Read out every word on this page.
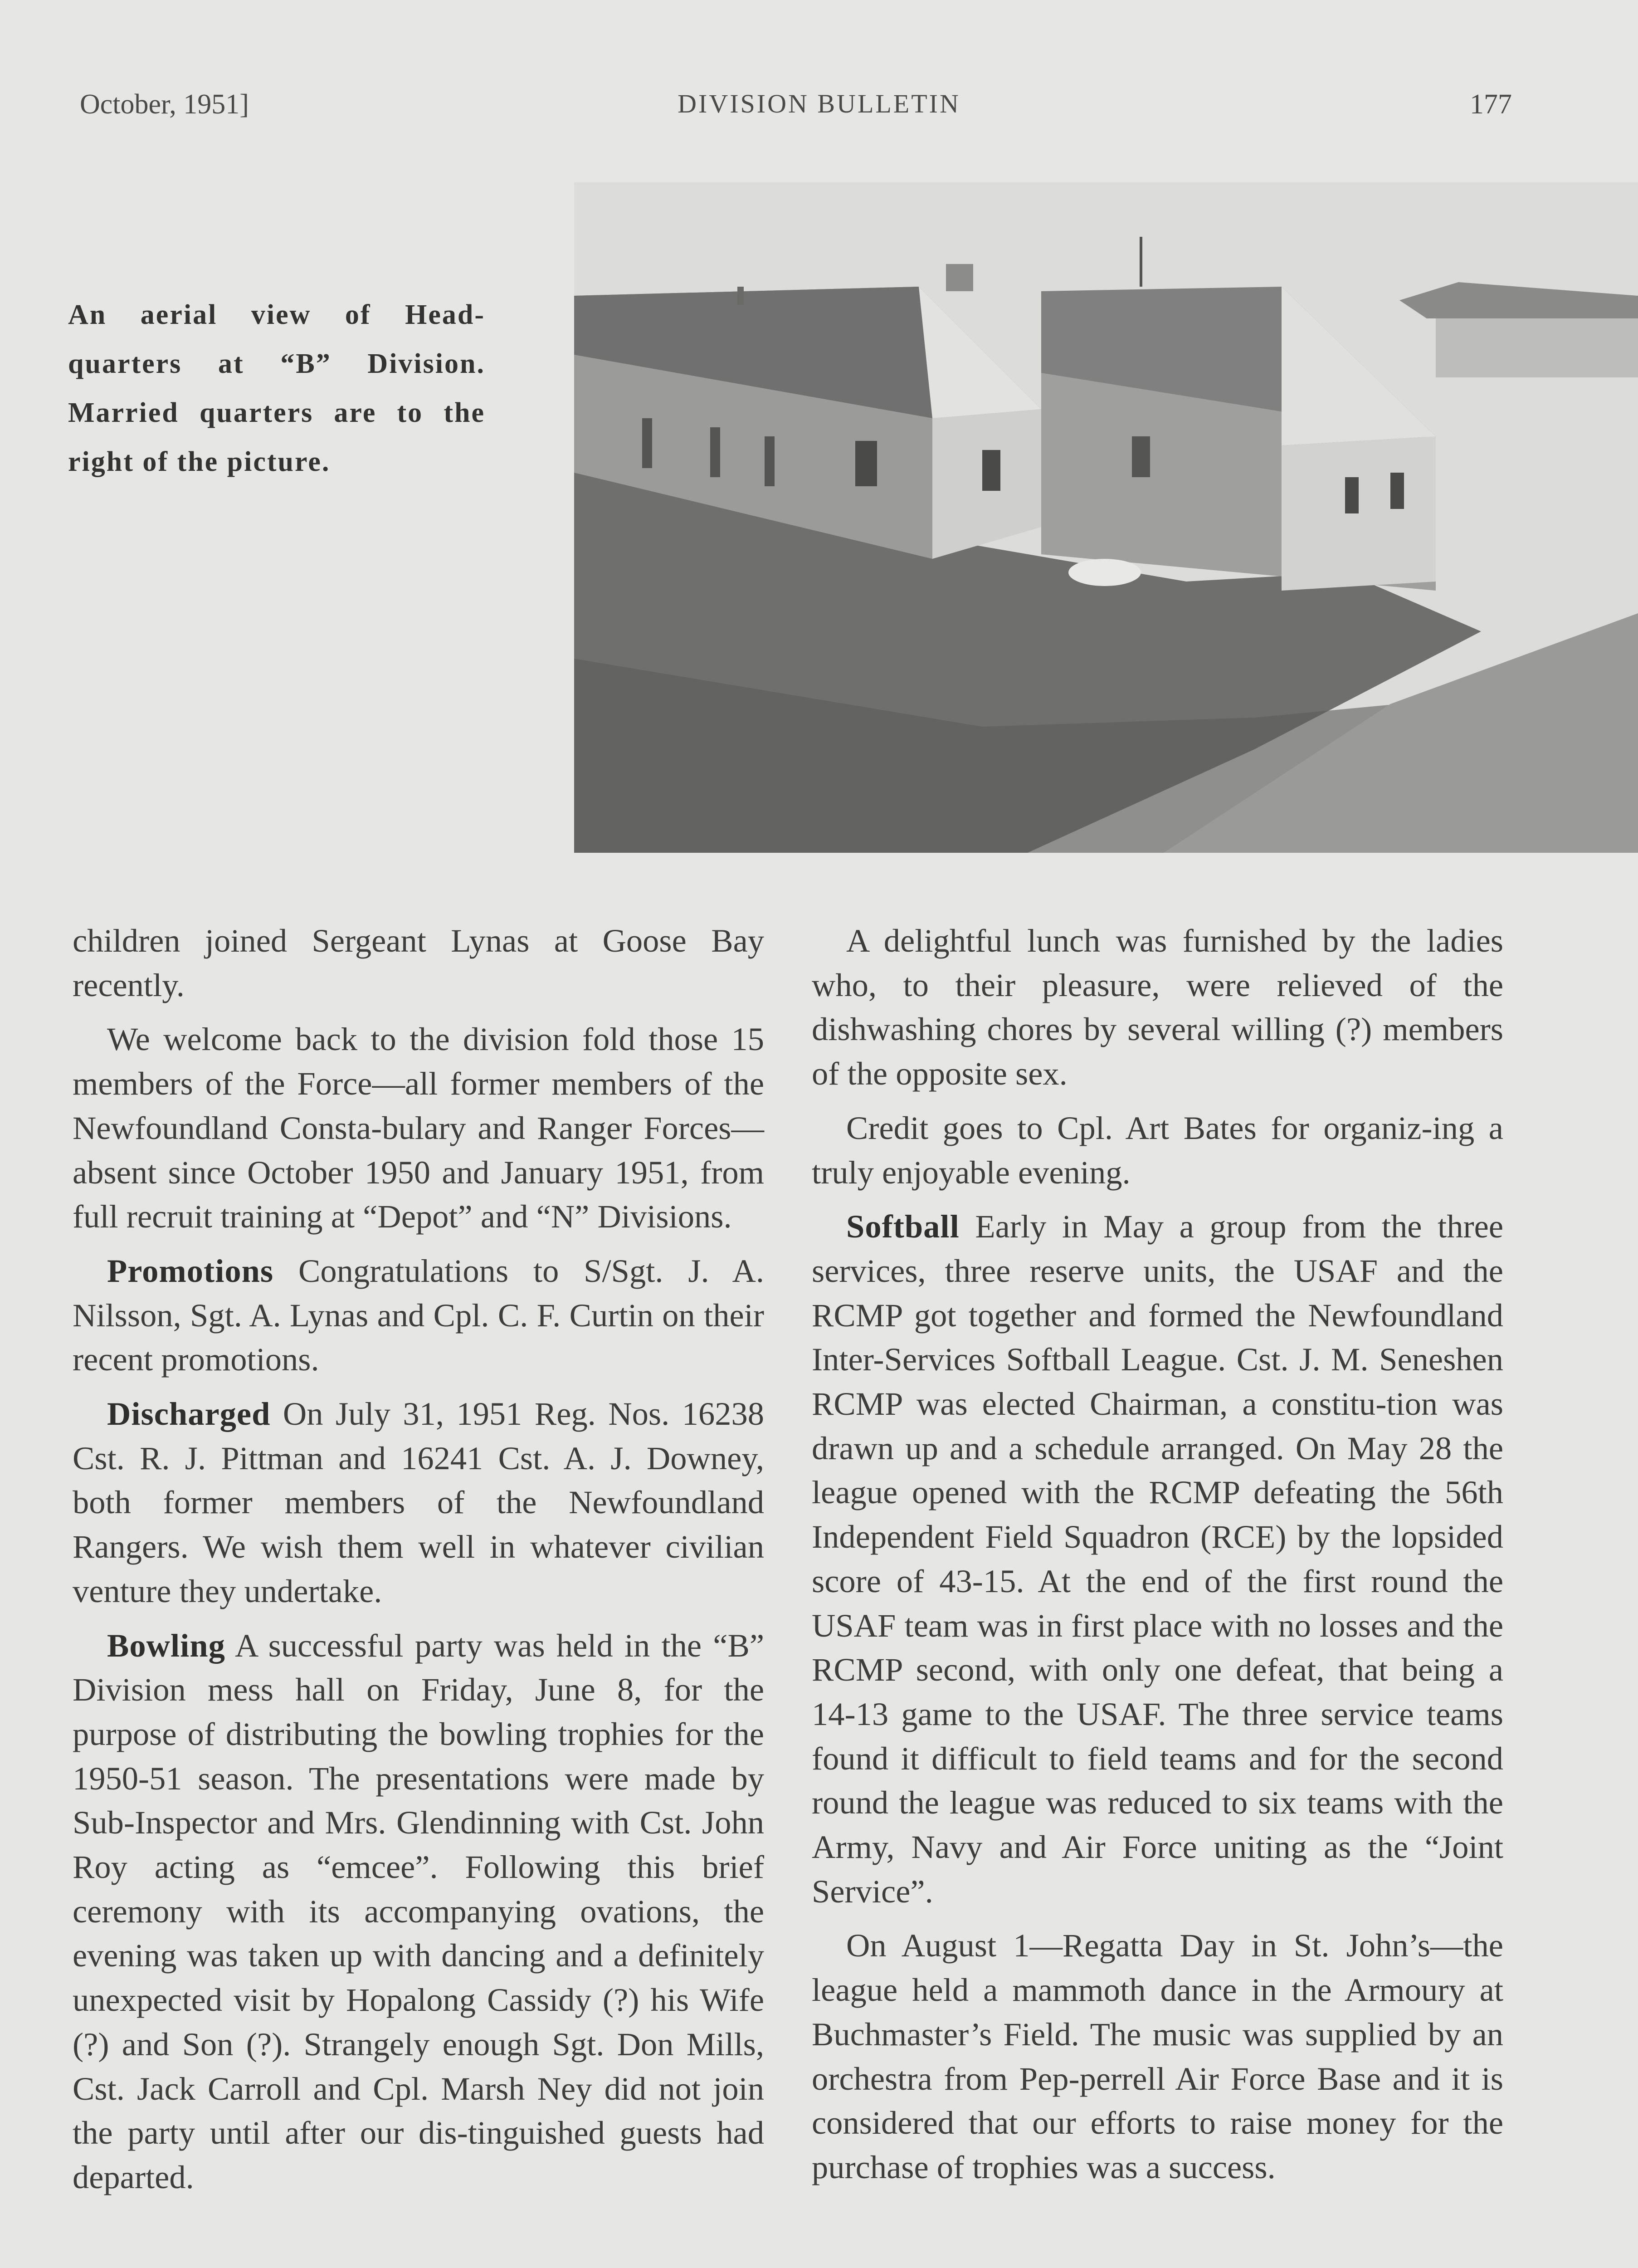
October, 1951]	DIVISION BULLETIN	177
An aerial view of Head-quarters at “B” Division. Married quarters are to the right of the picture.

children joined Sergeant Lynas at Goose Bay recently.

We welcome back to the division fold those 15 members of the Force—all former members of the Newfoundland Consta-bulary and Ranger Forces—absent since October 1950 and January 1951, from full recruit training at “Depot” and “N” Divisions.

Promotions Congratulations to S/Sgt. J. A. Nilsson, Sgt. A. Lynas and Cpl. C. F. Curtin on their recent promotions.

Discharged On July 31, 1951 Reg. Nos. 16238 Cst. R. J. Pittman and 16241 Cst. A. J. Downey, both former members of the Newfoundland Rangers. We wish them well in whatever civilian venture they undertake.

Bowling A successful party was held in the “B” Division mess hall on Friday, June 8, for the purpose of distributing the bowling trophies for the 1950-51 season. The presentations were made by Sub-Inspector and Mrs. Glendinning with Cst. John Roy acting as “emcee”. Following this brief ceremony with its accompanying ovations, the evening was taken up with dancing and a definitely unexpected visit by Hopalong Cassidy (?) his Wife (?) and Son (?). Strangely enough Sgt. Don Mills, Cst. Jack Carroll and Cpl. Marsh Ney did not join the party until after our dis-tinguished guests had departed.

A delightful lunch was furnished by the ladies who, to their pleasure, were relieved of the dishwashing chores by several willing (?) members of the opposite sex.

Credit goes to Cpl. Art Bates for organiz-ing a truly enjoyable evening.

Softball Early in May a group from the three services, three reserve units, the USAF and the RCMP got together and formed the Newfoundland Inter-Services Softball League. Cst. J. M. Seneshen RCMP was elected Chairman, a constitu-tion was drawn up and a schedule arranged. On May 28 the league opened with the RCMP defeating the 56th Independent Field Squadron (RCE) by the lopsided score of 43-15. At the end of the first round the USAF team was in first place with no losses and the RCMP second, with only one defeat, that being a 14-13 game to the USAF. The three service teams found it difficult to field teams and for the second round the league was reduced to six teams with the Army, Navy and Air Force uniting as the “Joint Service”.

On August 1—Regatta Day in St. John’s—the league held a mammoth dance in the Armoury at Buchmaster’s Field. The music was supplied by an orchestra from Pep-perrell Air Force Base and it is considered that our efforts to raise money for the purchase of trophies was a success.
